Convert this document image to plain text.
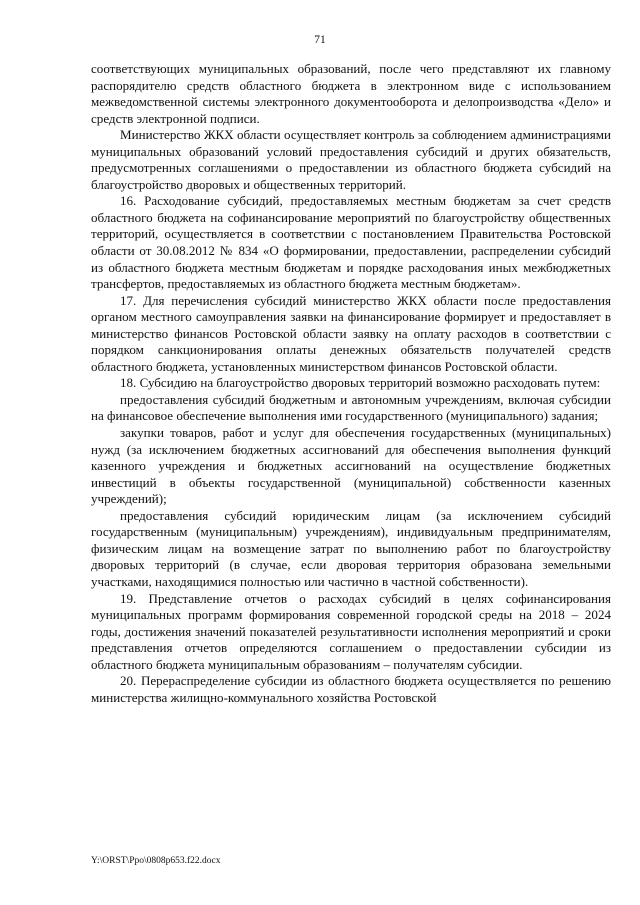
71

соответствующих муниципальных образований, после чего представляют их главному распорядителю средств областного бюджета в электронном виде с использованием межведомственной системы электронного документооборота и делопроизводства «Дело» и средств электронной подписи.

Министерство ЖКХ области осуществляет контроль за соблюдением администрациями муниципальных образований условий предоставления субсидий и других обязательств, предусмотренных соглашениями о предоставлении из областного бюджета субсидий на благоустройство дворовых и общественных территорий.

16. Расходование субсидий, предоставляемых местным бюджетам за счет средств областного бюджета на софинансирование мероприятий по благоустройству общественных территорий, осуществляется в соответствии с постановлением Правительства Ростовской области от 30.08.2012 № 834 «О формировании, предоставлении, распределении субсидий из областного бюджета местным бюджетам и порядке расходования иных межбюджетных трансфертов, предоставляемых из областного бюджета местным бюджетам».

17. Для перечисления субсидий министерство ЖКХ области после предоставления органом местного самоуправления заявки на финансирование формирует и предоставляет в министерство финансов Ростовской области заявку на оплату расходов в соответствии с порядком санкционирования оплаты денежных обязательств получателей средств областного бюджета, установленных министерством финансов Ростовской области.

18. Субсидию на благоустройство дворовых территорий возможно расходовать путем:

предоставления субсидий бюджетным и автономным учреждениям, включая субсидии на финансовое обеспечение выполнения ими государственного (муниципального) задания;

закупки товаров, работ и услуг для обеспечения государственных (муниципальных) нужд (за исключением бюджетных ассигнований для обеспечения выполнения функций казенного учреждения и бюджетных ассигнований на осуществление бюджетных инвестиций в объекты государственной (муниципальной) собственности казенных учреждений);

предоставления субсидий юридическим лицам (за исключением субсидий государственным (муниципальным) учреждениям), индивидуальным предпринимателям, физическим лицам на возмещение затрат по выполнению работ по благоустройству дворовых территорий (в случае, если дворовая территория образована земельными участками, находящимися полностью или частично в частной собственности).

19. Представление отчетов о расходах субсидий в целях софинансирования муниципальных программ формирования современной городской среды на 2018 – 2024 годы, достижения значений показателей результативности исполнения мероприятий и сроки представления отчетов определяются соглашением о предоставлении субсидии из областного бюджета муниципальным образованиям – получателям субсидии.

20. Перераспределение субсидии из областного бюджета осуществляется по решению министерства жилищно-коммунального хозяйства Ростовской

Y:\ORST\Ppo\0808p653.f22.docx
